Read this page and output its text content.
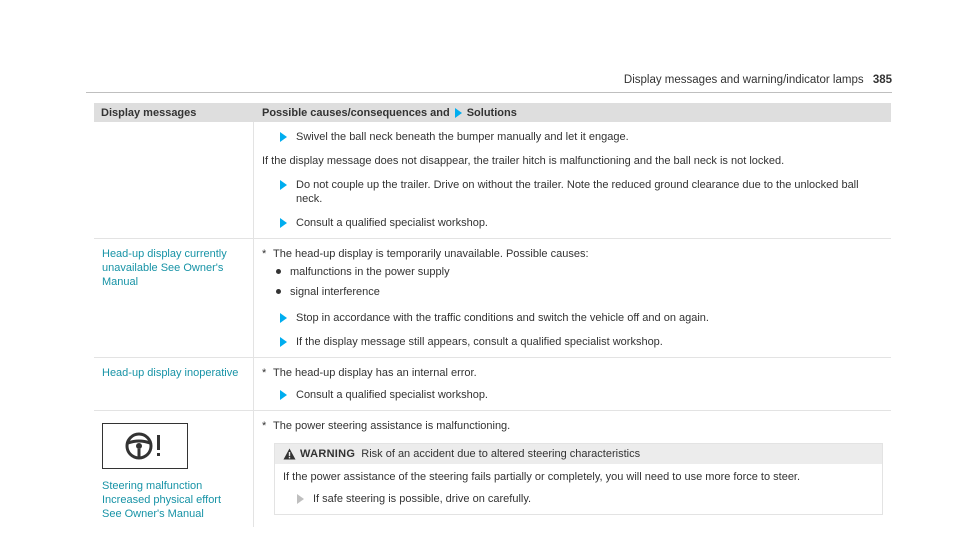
Display messages and warning/indicator lamps 385
Display messages	Possible causes/consequences and Solutions
Swivel the ball neck beneath the bumper manually and let it engage.
If the display message does not disappear, the trailer hitch is malfunctioning and the ball neck is not locked.
Do not couple up the trailer. Drive on without the trailer. Note the reduced ground clearance due to the unlocked ball neck.
Consult a qualified specialist workshop.
Head-up display currently unavailable See Owner's Manual
* The head-up display is temporarily unavailable. Possible causes:
malfunctions in the power supply
signal interference
Stop in accordance with the traffic conditions and switch the vehicle off and on again.
If the display message still appears, consult a qualified specialist workshop.
Head-up display inoperative	* The head-up display has an internal error.
Consult a qualified specialist workshop.
Steering malfunction
Increased physical effort
See Owner's Manual
* The power steering assistance is malfunctioning.
WARNING Risk of an accident due to altered steering characteristics
If the power assistance of the steering fails partially or completely, you will need to use more force to steer.
If safe steering is possible, drive on carefully.
